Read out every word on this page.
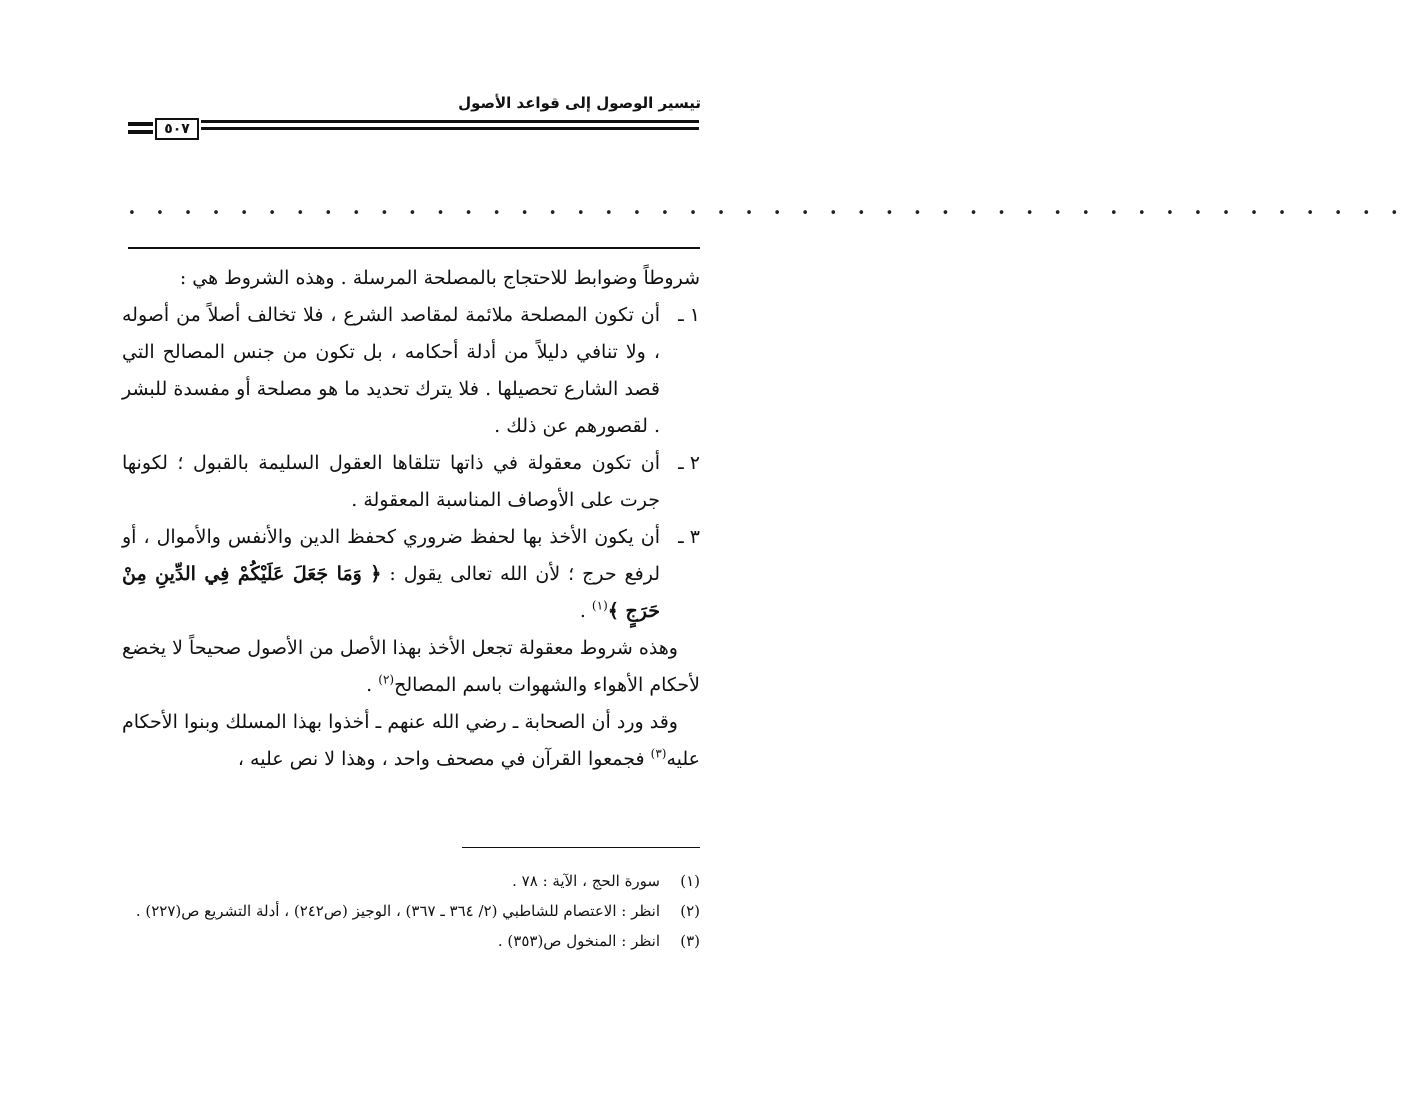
تيسير الوصول إلى قواعد الأصول
٥٠٧
• • • • • • • • • • • • • • • • • • • • • • • • • • • • • • • • • • • • • • • • • • • • • •

شروطاً وضوابط للاحتجاج بالمصلحة المرسلة . وهذه الشروط هي :

١ ـ
أن تكون المصلحة ملائمة لمقاصد الشرع ، فلا تخالف أصلاً من أصوله ، ولا تنافي دليلاً من أدلة أحكامه ، بل تكون من جنس المصالح التي قصد الشارع تحصيلها . فلا يترك تحديد ما هو مصلحة أو مفسدة للبشر . لقصورهم عن ذلك .
٢ ـ
أن تكون معقولة في ذاتها تتلقاها العقول السليمة بالقبول ؛ لكونها جرت على الأوصاف المناسبة المعقولة .
٣ ـ
أن يكون الأخذ بها لحفظ ضروري كحفظ الدين والأنفس والأموال ، أو لرفع حرج ؛ لأن الله تعالى يقول : ﴿ وَمَا جَعَلَ عَلَيْكُمْ فِي الدِّينِ مِنْ حَرَجٍ ﴾$^{(١)}$ .

وهذه شروط معقولة تجعل الأخذ بهذا الأصل من الأصول صحيحاً لا يخضع لأحكام الأهواء والشهوات باسم المصالح$^{(٢)}$ .

وقد ورد أن الصحابة ـ رضي الله عنهم ـ أخذوا بهذا المسلك وبنوا الأحكام عليه$^{(٣)}$ فجمعوا القرآن في مصحف واحد ، وهذا لا نص عليه ،

(١)
سورة الحج ، الآية : ٧٨ .
(٢)
انظر : الاعتصام للشاطبي (٢/ ٣٦٤ ـ ٣٦٧) ، الوجيز (ص٢٤٢) ، أدلة التشريع ص(٢٢٧) .
(٣)
انظر : المنخول ص(٣٥٣) .
